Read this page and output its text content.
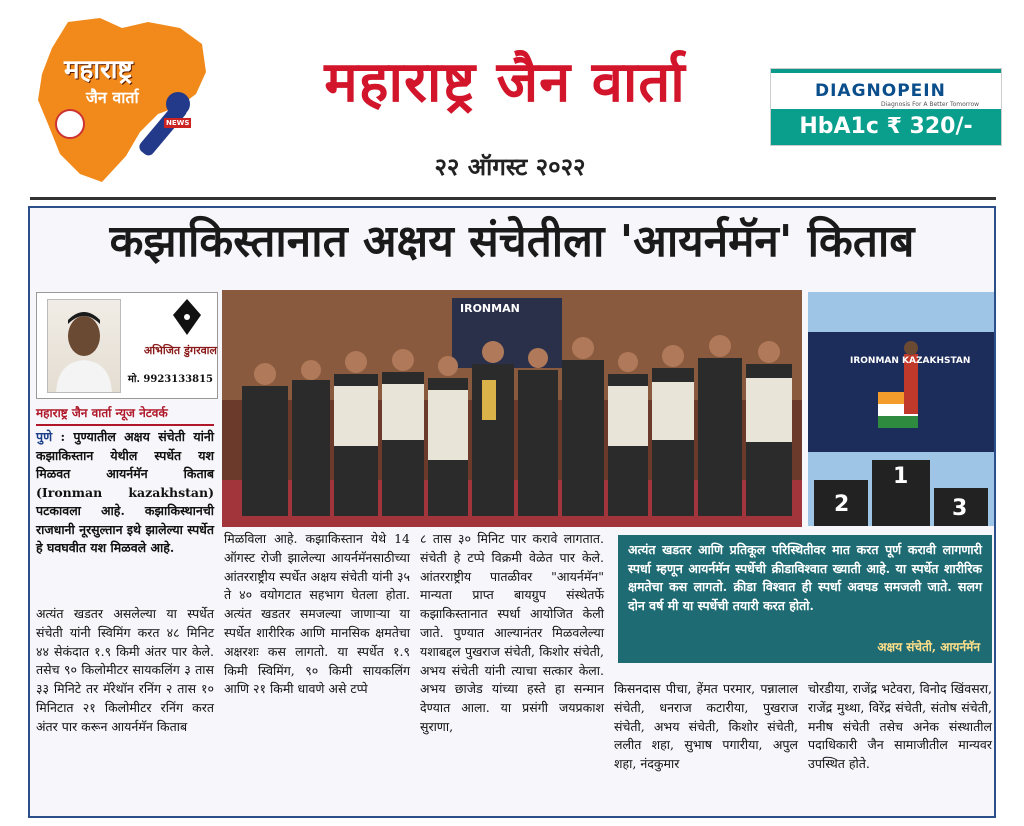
महाराष्ट्र
जैन वार्ता
NEWS
महाराष्ट्र जैन वार्ता
२२ ऑगस्ट २०२२
DIAGNOPEIN
Diagnosis For A Better Tomorrow
HbA1c ₹ 320/-
कझाकिस्तानात अक्षय संचेतीला 'आयर्नमॅन' किताब
अभिजित डुंगरवाल
मो. 9923133815
महाराष्ट्र जैन वार्ता न्यूज नेटवर्क
पुणे : पुण्यातील अक्षय संचेती यांनी कझाकिस्तान येथील स्पर्धेत यश मिळवत आयर्नमॅन किताब (Ironman kazakhstan) पटकावला आहे. कझाकिस्थानची राजधानी नूरसुल्तान इथे झालेल्या स्पर्धेत हे घवघवीत यश मिळवले आहे.
अत्यंत खडतर असलेल्या या स्पर्धेत संचेती यांनी स्विमिंग करत ४८ मिनिट ४४ सेकंदात १.९ किमी अंतर पार केले. तसेच ९० किलोमीटर सायकलिंग ३ तास ३३ मिनिटे तर मॅरेथॉन रनिंग २ तास १० मिनिटात २१ किलोमीटर रनिंग करत अंतर पार करून आयर्नमॅन किताब
मिळविला आहे. कझाकिस्तान येथे 14 ऑगस्ट रोजी झालेल्या आयर्नमॅनसाठीच्या आंतरराष्ट्रीय स्पर्धेत अक्षय संचेती यांनी ३५ ते ४० वयोगटात सहभाग घेतला होता. अत्यंत खडतर समजल्या जाणाऱ्या या स्पर्धेत शारीरिक आणि मानसिक क्षमतेचा अक्षरशः कस लागतो. या स्पर्धेत १.९ किमी स्विमिंग, ९० किमी सायकलिंग आणि २१ किमी धावणे असे टप्पे
८ तास ३० मिनिट पार करावे लागतात. संचेती हे टप्पे विक्रमी वेळेत पार केले. आंतरराष्ट्रीय पातळीवर "आयर्नमॅन" मान्यता प्राप्त बायग्रुप संस्थेतर्फे कझाकिस्तानात स्पर्धा आयोजित केली जाते. पुण्यात आल्यानंतर मिळवलेल्या यशाबद्दल पुखराज संचेती, किशोर संचेती, अभय संचेती यांनी त्याचा सत्कार केला. अभय छाजेड यांच्या हस्ते हा सन्मान देण्यात आला. या प्रसंगी जयप्रकाश सुराणा,
किसनदास पीचा, हेंमत परमार, पन्नालाल संचेती, धनराज कटारीया, पुखराज संचेती, अभय संचेती, किशोर संचेती, ललीत शहा, सुभाष पगारीया, अपुल शहा, नंदकुमार
चोरडीया, राजेंद्र भटेवरा, विनोद खिंवसरा, राजेंद्र मुथ्था, विरेंद्र संचेती, संतोष संचेती, मनीष संचेती तसेच अनेक संस्थातील पदाधिकारी जैन सामाजीतील मान्यवर उपस्थित होते.
IRONMAN
IRONMAN KAZAKHSTAN
2
1
3
अत्यंत खडतर आणि प्रतिकूल परिस्थितीवर मात करत पूर्ण करावी लागणारी स्पर्धा म्हणून आयर्नमॅन स्पर्धेची क्रीडाविश्वात ख्याती आहे. या स्पर्धेत शारीरिक क्षमतेचा कस लागतो. क्रीडा विश्वात ही स्पर्धा अवघड समजली जाते. सलग दोन वर्ष मी या स्पर्धेची तयारी करत होतो.
अक्षय संचेती, आयर्नमॅन
